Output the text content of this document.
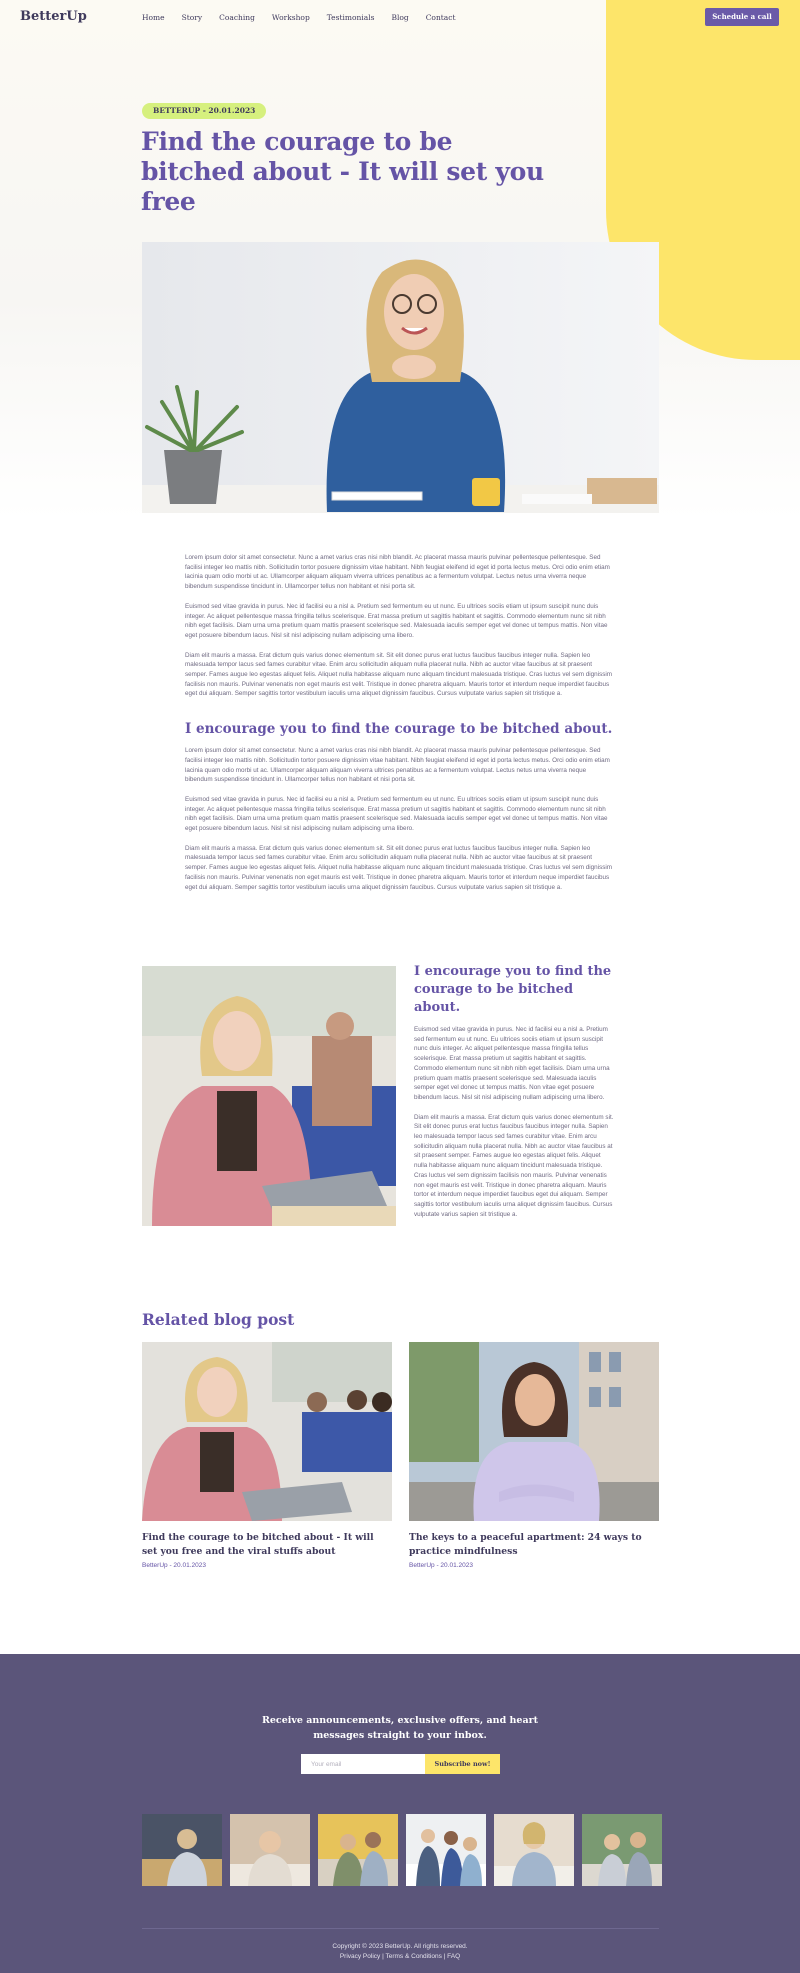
BetterUp	Home Story Coaching Workshop Testimonials Blog Contact	Schedule a call
BETTERUP - 20.01.2023
Find the courage to be bitched about - It will set you free

Lorem ipsum dolor sit amet consectetur. Nunc a amet varius cras nisi nibh blandit. Ac placerat massa mauris pulvinar pellentesque pellentesque. Sed facilisi integer leo mattis nibh. Sollicitudin tortor posuere dignissim vitae habitant. Nibh feugiat eleifend id eget id porta lectus metus. Orci odio enim etiam lacinia quam odio morbi ut ac. Ullamcorper aliquam aliquam viverra ultrices penatibus ac a fermentum volutpat. Lectus netus urna viverra neque bibendum suspendisse tincidunt in. Ullamcorper tellus non habitant et nisi porta sit.

Euismod sed vitae gravida in purus. Nec id facilisi eu a nisl a. Pretium sed fermentum eu ut nunc. Eu ultrices sociis etiam ut ipsum suscipit nunc duis integer. Ac aliquet pellentesque massa fringilla tellus scelerisque. Erat massa pretium ut sagittis habitant et sagittis. Commodo elementum nunc sit nibh nibh eget facilisis. Diam urna urna pretium quam mattis praesent scelerisque sed. Malesuada iaculis semper eget vel donec ut tempus mattis. Non vitae eget posuere bibendum lacus. Nisl sit nisl adipiscing nullam adipiscing urna libero.

Diam elit mauris a massa. Erat dictum quis varius donec elementum sit. Sit elit donec purus erat luctus faucibus faucibus integer nulla. Sapien leo malesuada tempor lacus sed fames curabitur vitae. Enim arcu sollicitudin aliquam nulla placerat nulla. Nibh ac auctor vitae faucibus at sit praesent semper. Fames augue leo egestas aliquet felis. Aliquet nulla habitasse aliquam nunc aliquam tincidunt malesuada tristique. Cras luctus vel sem dignissim facilisis non mauris. Pulvinar venenatis non eget mauris est velit. Tristique in donec pharetra aliquam. Mauris tortor et interdum neque imperdiet faucibus eget dui aliquam. Semper sagittis tortor vestibulum iaculis urna aliquet dignissim faucibus. Cursus vulputate varius sapien sit tristique a.

I encourage you to find the courage to be bitched about.

Lorem ipsum dolor sit amet consectetur. Nunc a amet varius cras nisi nibh blandit. Ac placerat massa mauris pulvinar pellentesque pellentesque. Sed facilisi integer leo mattis nibh. Sollicitudin tortor posuere dignissim vitae habitant. Nibh feugiat eleifend id eget id porta lectus metus. Orci odio enim etiam lacinia quam odio morbi ut ac. Ullamcorper aliquam aliquam viverra ultrices penatibus ac a fermentum volutpat. Lectus netus urna viverra neque bibendum suspendisse tincidunt in. Ullamcorper tellus non habitant et nisi porta sit.

Euismod sed vitae gravida in purus. Nec id facilisi eu a nisl a. Pretium sed fermentum eu ut nunc. Eu ultrices sociis etiam ut ipsum suscipit nunc duis integer. Ac aliquet pellentesque massa fringilla tellus scelerisque. Erat massa pretium ut sagittis habitant et sagittis. Commodo elementum nunc sit nibh nibh eget facilisis. Diam urna urna pretium quam mattis praesent scelerisque sed. Malesuada iaculis semper eget vel donec ut tempus mattis. Non vitae eget posuere bibendum lacus. Nisl sit nisl adipiscing nullam adipiscing urna libero.

Diam elit mauris a massa. Erat dictum quis varius donec elementum sit. Sit elit donec purus erat luctus faucibus faucibus integer nulla. Sapien leo malesuada tempor lacus sed fames curabitur vitae. Enim arcu sollicitudin aliquam nulla placerat nulla. Nibh ac auctor vitae faucibus at sit praesent semper. Fames augue leo egestas aliquet felis. Aliquet nulla habitasse aliquam nunc aliquam tincidunt malesuada tristique. Cras luctus vel sem dignissim facilisis non mauris. Pulvinar venenatis non eget mauris est velit. Tristique in donec pharetra aliquam. Mauris tortor et interdum neque imperdiet faucibus eget dui aliquam. Semper sagittis tortor vestibulum iaculis urna aliquet dignissim faucibus. Cursus vulputate varius sapien sit tristique a.

I encourage you to find the courage to be bitched about.

Euismod sed vitae gravida in purus. Nec id facilisi eu a nisl a. Pretium sed fermentum eu ut nunc. Eu ultrices sociis etiam ut ipsum suscipit nunc duis integer. Ac aliquet pellentesque massa fringilla tellus scelerisque. Erat massa pretium ut sagittis habitant et sagittis. Commodo elementum nunc sit nibh nibh eget facilisis. Diam urna urna pretium quam mattis praesent scelerisque sed. Malesuada iaculis semper eget vel donec ut tempus mattis. Non vitae eget posuere bibendum lacus. Nisl sit nisl adipiscing nullam adipiscing urna libero.

Diam elit mauris a massa. Erat dictum quis varius donec elementum sit. Sit elit donec purus erat luctus faucibus faucibus integer nulla. Sapien leo malesuada tempor lacus sed fames curabitur vitae. Enim arcu sollicitudin aliquam nulla placerat nulla. Nibh ac auctor vitae faucibus at sit praesent semper. Fames augue leo egestas aliquet felis. Aliquet nulla habitasse aliquam nunc aliquam tincidunt malesuada tristique. Cras luctus vel sem dignissim facilisis non mauris. Pulvinar venenatis non eget mauris est velit. Tristique in donec pharetra aliquam. Mauris tortor et interdum neque imperdiet faucibus eget dui aliquam. Semper sagittis tortor vestibulum iaculis urna aliquet dignissim faucibus. Cursus vulputate varius sapien sit tristique a.

Related blog post
Find the courage to be bitched about - It will set you free and the viral stuffs about
BetterUp - 20.01.2023
The keys to a peaceful apartment: 24 ways to practice mindfulness
BetterUp - 20.01.2023
Receive announcements, exclusive offers, and heart
messages straight to your inbox.
Your email
Subscribe now!
Copyright © 2023 BetterUp. All rights reserved.
Privacy Policy | Terms & Conditions | FAQ
